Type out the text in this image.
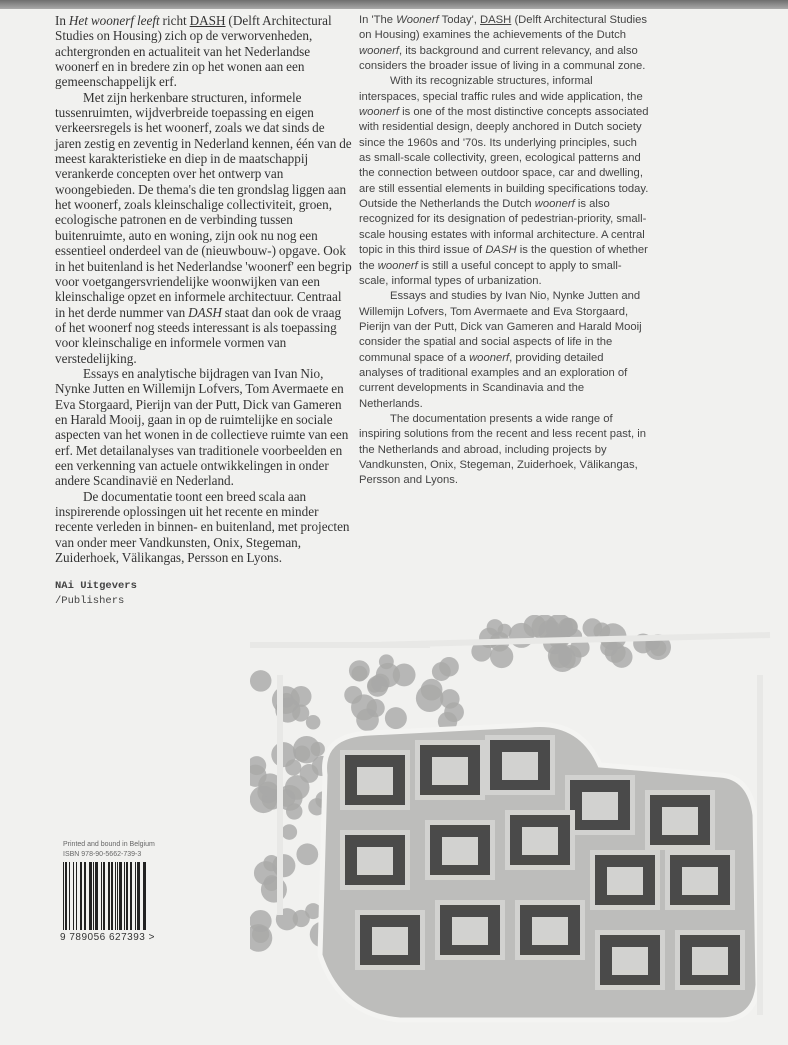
In Het woonerf leeft richt DASH (Delft Architectural Studies on Housing) zich op de verworvenheden, achtergronden en actualiteit van het Nederlandse woonerf en in bredere zin op het wonen aan een gemeenschappelijk erf.

Met zijn herkenbare structuren, informele tussenruimten, wijdverbreide toepassing en eigen verkeersregels is het woonerf, zoals we dat sinds de jaren zestig en zeventig in Nederland kennen, één van de meest karakteristieke en diep in de maatschappij verankerde concepten over het ontwerp van woongebieden. De thema's die ten grondslag liggen aan het woonerf, zoals kleinschalige collectiviteit, groen, ecologische patronen en de verbinding tussen buitenruimte, auto en woning, zijn ook nu nog een essentieel onderdeel van de (nieuwbouw-) opgave. Ook in het buitenland is het Nederlandse 'woonerf' een begrip voor voetgangersvriendelijke woonwijken van een kleinschalige opzet en informele architectuur. Centraal in het derde nummer van DASH staat dan ook de vraag of het woonerf nog steeds interessant is als toepassing voor kleinschalige en informele vormen van verstedelijking.

Essays en analytische bijdragen van Ivan Nio, Nynke Jutten en Willemijn Lofvers, Tom Avermaete en Eva Storgaard, Pierijn van der Putt, Dick van Gameren en Harald Mooij, gaan in op de ruimtelijke en sociale aspecten van het wonen in de collectieve ruimte van een erf. Met detailanalyses van traditionele voorbeelden en een verkenning van actuele ontwikkelingen in onder andere Scandinavië en Nederland.

De documentatie toont een breed scala aan inspirerende oplossingen uit het recente en minder recente verleden in binnen- en buitenland, met projecten van onder meer Vandkunsten, Onix, Stegeman, Zuiderhoek, Välikangas, Persson en Lyons.

NAi Uitgevers
/Publishers

In 'The Woonerf Today', DASH (Delft Architectural Studies on Housing) examines the achievements of the Dutch woonerf, its background and current relevancy, and also considers the broader issue of living in a communal zone.

With its recognizable structures, informal interspaces, special traffic rules and wide application, the woonerf is one of the most distinctive concepts associated with residential design, deeply anchored in Dutch society since the 1960s and '70s. Its underlying principles, such as small-scale collectivity, green, ecological patterns and the connection between outdoor space, car and dwelling, are still essential elements in building specifications today. Outside the Netherlands the Dutch woonerf is also recognized for its designation of pedestrian-priority, small-scale housing estates with informal architecture. A central topic in this third issue of DASH is the question of whether the woonerf is still a useful concept to apply to small-scale, informal types of urbanization.

Essays and studies by Ivan Nio, Nynke Jutten and Willemijn Lofvers, Tom Avermaete and Eva Storgaard, Pierijn van der Putt, Dick van Gameren and Harald Mooij consider the spatial and social aspects of life in the communal space of a woonerf, providing detailed analyses of traditional examples and an exploration of current developments in Scandinavia and the Netherlands.

The documentation presents a wide range of inspiring solutions from the recent and less recent past, in the Netherlands and abroad, including projects by Vandkunsten, Onix, Stegeman, Zuiderhoek, Välikangas, Persson and Lyons.

Printed and bound in Belgium
ISBN 978-90-5662-739-3
9 789056 627393 >
